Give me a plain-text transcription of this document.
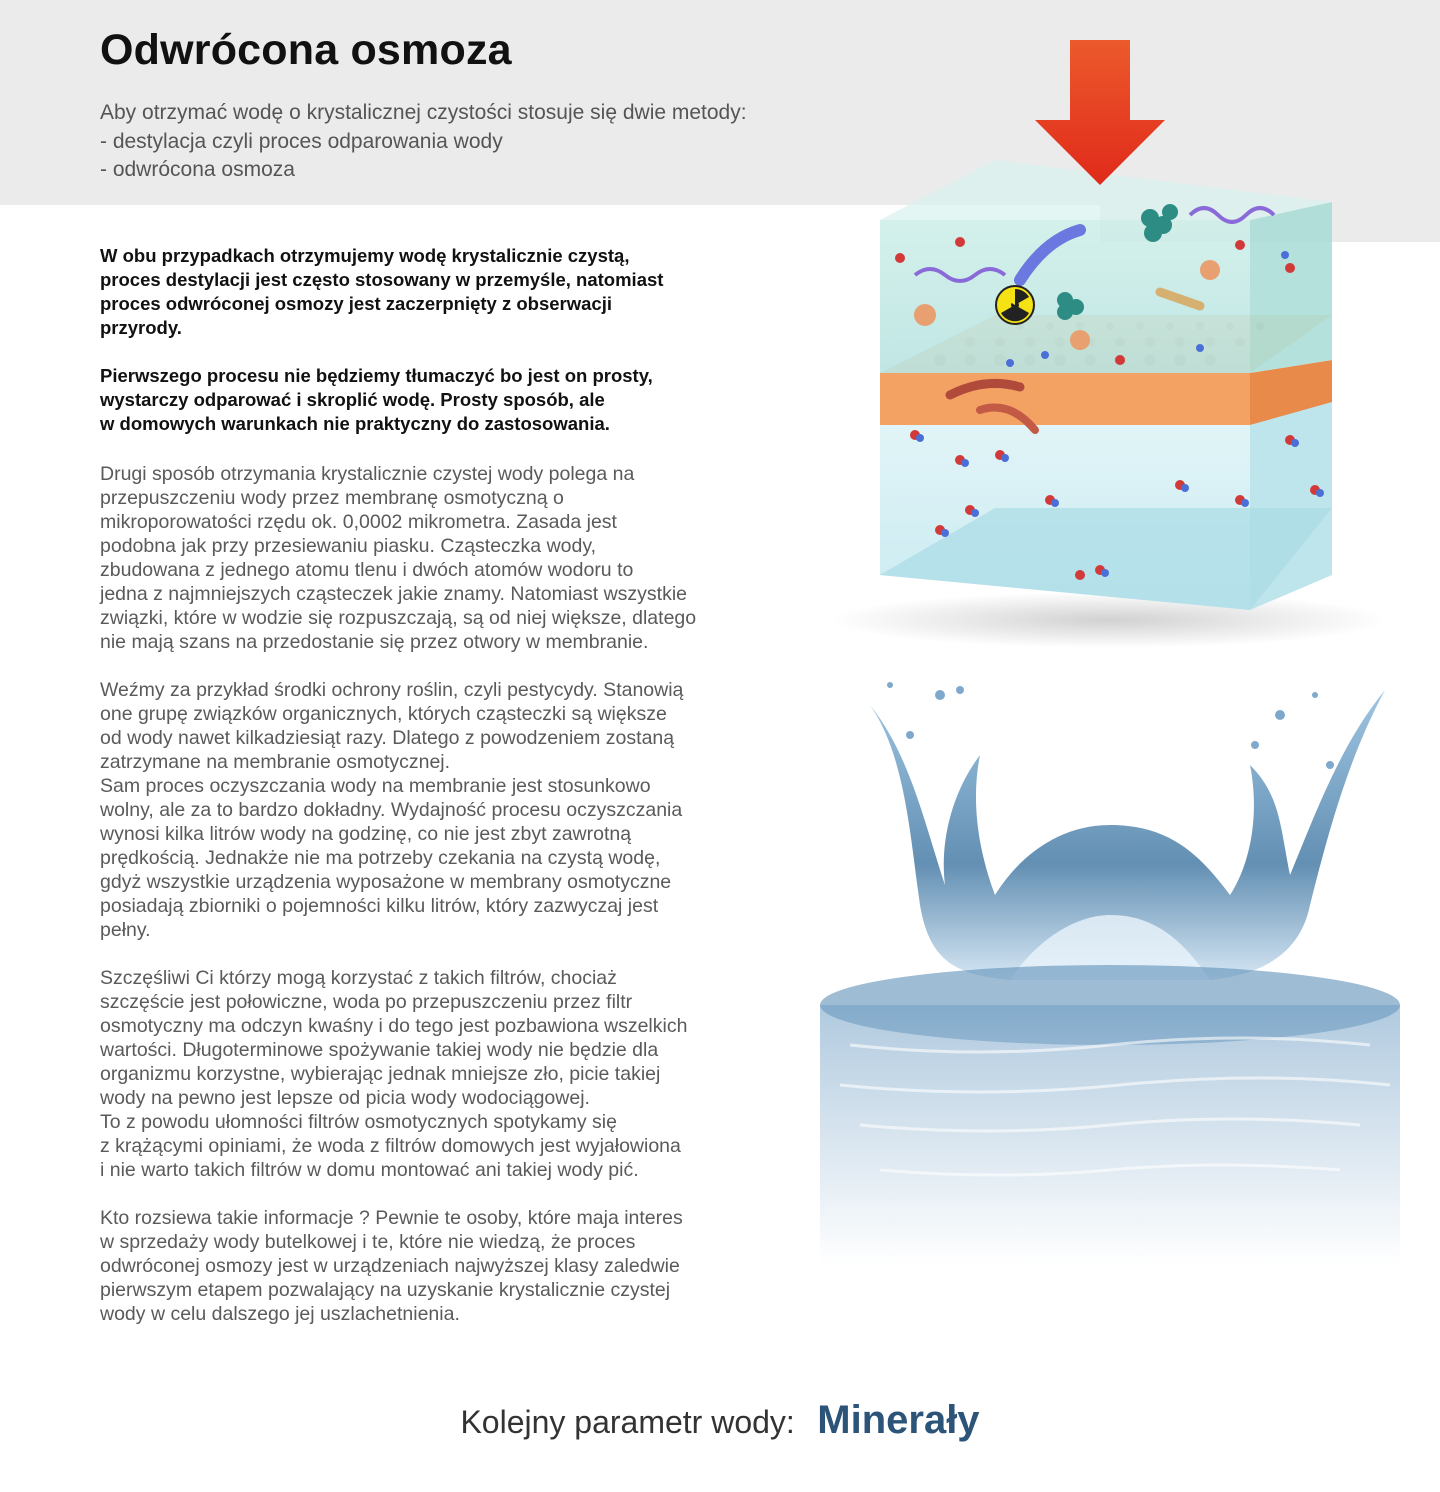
Odwrócona osmoza
Aby otrzymać wodę o krystalicznej czystości stosuje się dwie metody:
- destylacja czyli proces odparowania wody
- odwrócona osmoza

W obu przypadkach otrzymujemy wodę krystalicznie czystą,
proces destylacji jest często stosowany w przemyśle, natomiast
proces odwróconej osmozy jest zaczerpnięty z obserwacji
przyrody.

Pierwszego procesu nie będziemy tłumaczyć bo jest on prosty,
wystarczy odparować i skroplić wodę. Prosty sposób, ale
w domowych warunkach nie praktyczny do zastosowania.

Drugi sposób otrzymania krystalicznie czystej wody polega na
przepuszczeniu wody przez membranę osmotyczną o
mikroporowatości rzędu ok. 0,0002 mikrometra. Zasada jest
podobna jak przy przesiewaniu piasku. Cząsteczka wody,
zbudowana z jednego atomu tlenu i dwóch atomów wodoru to
jedna z najmniejszych cząsteczek jakie znamy. Natomiast wszystkie
związki, które w wodzie się rozpuszczają, są od niej większe, dlatego
nie mają szans na przedostanie się przez otwory w membranie.

Weźmy za przykład środki ochrony roślin, czyli pestycydy. Stanowią
one grupę związków organicznych, których cząsteczki są większe
od wody nawet kilkadziesiąt razy. Dlatego z powodzeniem zostaną
zatrzymane na membranie osmotycznej.
Sam proces oczyszczania wody na membranie jest stosunkowo
wolny, ale za to bardzo dokładny. Wydajność procesu oczyszczania
wynosi kilka litrów wody na godzinę, co nie jest zbyt zawrotną
prędkością. Jednakże nie ma potrzeby czekania na czystą wodę,
gdyż wszystkie urządzenia wyposażone w membrany osmotyczne
posiadają zbiorniki o pojemności kilku litrów, który zazwyczaj jest
pełny.

Szczęśliwi Ci którzy mogą korzystać z takich filtrów, chociaż
szczęście jest połowiczne, woda po przepuszczeniu przez filtr
osmotyczny ma odczyn kwaśny i do tego jest pozbawiona wszelkich
wartości. Długoterminowe spożywanie takiej wody nie będzie dla
organizmu korzystne, wybierając jednak mniejsze zło, picie takiej
wody na pewno jest lepsze od picia wody wodociągowej.
To z powodu ułomności filtrów osmotycznych spotykamy się
z krążącymi opiniami, że woda z filtrów domowych jest wyjałowiona
i nie warto takich filtrów w domu montować ani takiej wody pić.

Kto rozsiewa takie informacje ? Pewnie te osoby, które maja interes
w sprzedaży wody butelkowej i te, które nie wiedzą, że proces
odwróconej osmozy jest w urządzeniach najwyższej klasy zaledwie
pierwszym etapem pozwalający na uzyskanie krystalicznie czystej
wody w celu dalszego jej uszlachetnienia.

Kolejny parametr wody: Minerały
